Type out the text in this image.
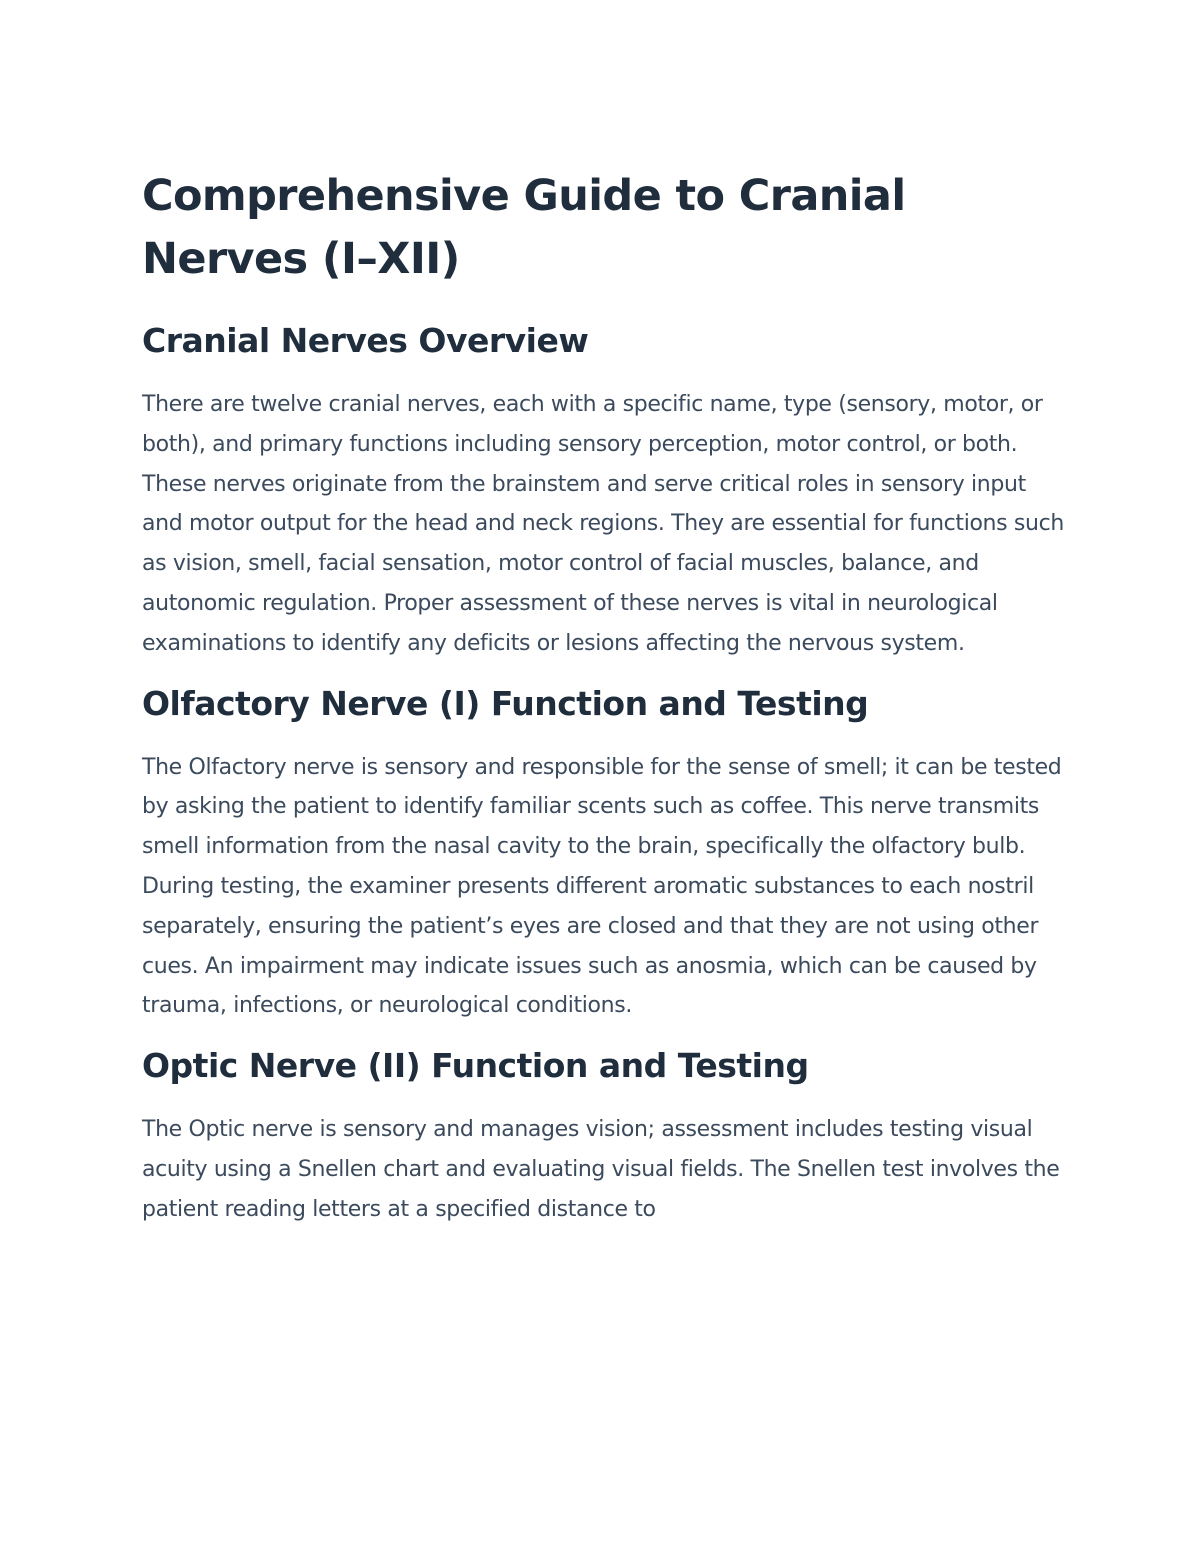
Comprehensive Guide to Cranial Nerves (I–XII)
Cranial Nerves Overview

There are twelve cranial nerves, each with a specific name, type (sensory, motor, or both), and primary functions including sensory perception, motor control, or both. These nerves originate from the brainstem and serve critical roles in sensory input and motor output for the head and neck regions. They are essential for functions such as vision, smell, facial sensation, motor control of facial muscles, balance, and autonomic regulation. Proper assessment of these nerves is vital in neurological examinations to identify any deficits or lesions affecting the nervous system.

Olfactory Nerve (I) Function and Testing

The Olfactory nerve is sensory and responsible for the sense of smell; it can be tested by asking the patient to identify familiar scents such as coffee. This nerve transmits smell information from the nasal cavity to the brain, specifically the olfactory bulb. During testing, the examiner presents different aromatic substances to each nostril separately, ensuring the patient’s eyes are closed and that they are not using other cues. An impairment may indicate issues such as anosmia, which can be caused by trauma, infections, or neurological conditions.

Optic Nerve (II) Function and Testing

The Optic nerve is sensory and manages vision; assessment includes testing visual acuity using a Snellen chart and evaluating visual fields. The Snellen test involves the patient reading letters at a specified distance to
